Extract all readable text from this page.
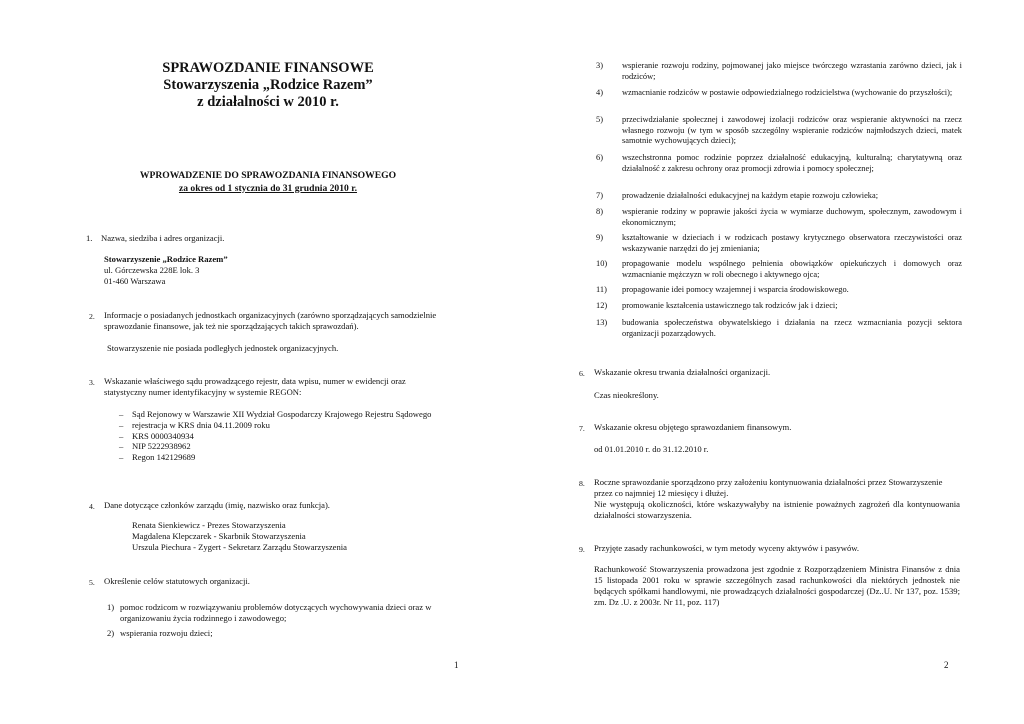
SPRAWOZDANIE FINANSOWE
Stowarzyszenia „Rodzice Razem”
z działalności w 2010 r.
WPROWADZENIE DO SPRAWOZDANIA FINANSOWEGO
za okres od 1 stycznia do 31 grudnia 2010 r.
1. Nazwa, siedziba i adres organizacji.
Stowarzyszenie „Rodzice Razem”
ul. Górczewska 228E lok. 3
01-460 Warszawa
2. Informacje o posiadanych jednostkach organizacyjnych (zarówno sporządzających samodzielnie sprawozdanie finansowe, jak też nie sporządzających takich sprawozdań).
Stowarzyszenie nie posiada podległych jednostek organizacyjnych.
3. Wskazanie właściwego sądu prowadzącego rejestr, data wpisu, numer w ewidencji oraz statystyczny numer identyfikacyjny w systemie REGON:
– Sąd Rejonowy w Warszawie XII Wydział Gospodarczy Krajowego Rejestru Sądowego
– rejestracja w KRS dnia 04.11.2009 roku
– KRS 0000340934
– NIP 5222938962
– Regon 142129689
4. Dane dotyczące członków zarządu (imię, nazwisko oraz funkcja).
Renata Sienkiewicz - Prezes Stowarzyszenia
Magdalena Klepczarek - Skarbnik Stowarzyszenia
Urszula Piechura - Zygert - Sekretarz Zarządu Stowarzyszenia
5. Określenie celów statutowych organizacji.
1) pomoc rodzicom w rozwiązywaniu problemów dotyczących wychowywania dzieci oraz w organizowaniu życia rodzinnego i zawodowego;
2) wspierania rozwoju dzieci;
1
3) wspieranie rozwoju rodziny, pojmowanej jako miejsce twórczego wzrastania zarówno dzieci, jak i rodziców;
4) wzmacnianie rodziców w postawie odpowiedzialnego rodzicielstwa (wychowanie do przyszłości);
5) przeciwdziałanie społecznej i zawodowej izolacji rodziców oraz wspieranie aktywności na rzecz własnego rozwoju (w tym w sposób szczególny wspieranie rodziców najmłodszych dzieci, matek samotnie wychowujących dzieci);
6) wszechstronna pomoc rodzinie poprzez działalność edukacyjną, kulturalną; charytatywną oraz działalność z zakresu ochrony oraz promocji zdrowia i pomocy społecznej;
7) prowadzenie działalności edukacyjnej na każdym etapie rozwoju człowieka;
8) wspieranie rodziny w poprawie jakości życia w wymiarze duchowym, społecznym, zawodowym i ekonomicznym;
9) kształtowanie w dzieciach i w rodzicach postawy krytycznego obserwatora rzeczywistości oraz wskazywanie narzędzi do jej zmieniania;
10) propagowanie modelu wspólnego pełnienia obowiązków opiekuńczych i domowych oraz wzmacnianie mężczyzn w roli obecnego i aktywnego ojca;
11) propagowanie idei pomocy wzajemnej i wsparcia środowiskowego.
12) promowanie kształcenia ustawicznego tak rodziców jak i dzieci;
13) budowania społeczeństwa obywatelskiego i działania na rzecz wzmacniania pozycji sektora organizacji pozarządowych.
6. Wskazanie okresu trwania działalności organizacji.
Czas nieokreślony.
7. Wskazanie okresu objętego sprawozdaniem finansowym.
od 01.01.2010 r. do 31.12.2010 r.
8. Roczne sprawozdanie sporządzono przy założeniu kontynuowania działalności przez Stowarzyszenie przez co najmniej 12 miesięcy i dłużej.
Nie występują okoliczności, które wskazywałyby na istnienie poważnych zagrożeń dla kontynuowania działalności stowarzyszenia.
9. Przyjęte zasady rachunkowości, w tym metody wyceny aktywów i pasywów.
Rachunkowość Stowarzyszenia prowadzona jest zgodnie z Rozporządzeniem Ministra Finansów z dnia 15 listopada 2001 roku w sprawie szczególnych zasad rachunkowości dla niektórych jednostek nie będących spółkami handlowymi, nie prowadzących działalności gospodarczej (Dz..U. Nr 137, poz. 1539; zm. Dz .U. z 2003r. Nr 11, poz. 117)
2
